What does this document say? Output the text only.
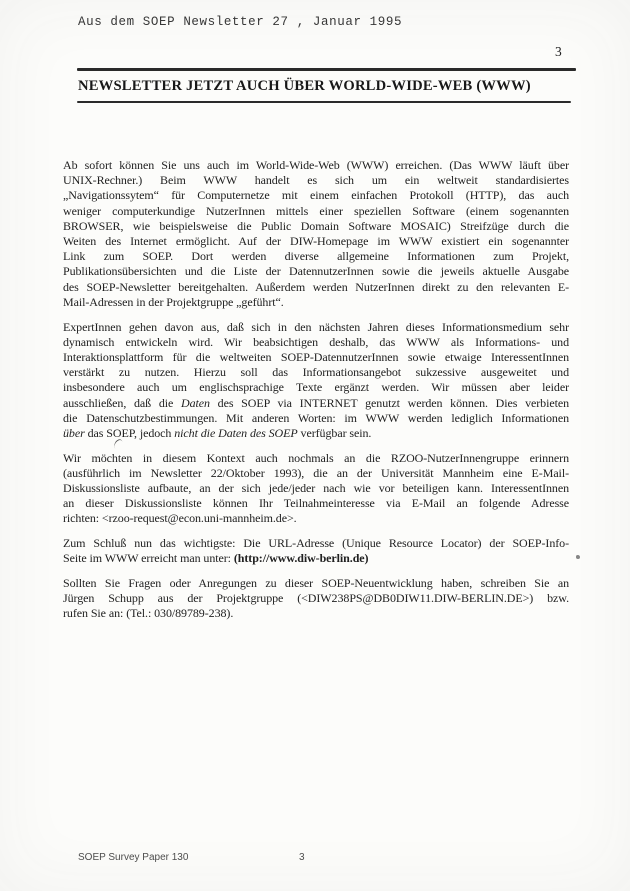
Aus dem SOEP Newsletter 27 , Januar 1995
3
NEWSLETTER JETZT AUCH ÜBER WORLD-WIDE-WEB (WWW)
Ab sofort können Sie uns auch im World-Wide-Web (WWW) erreichen. (Das WWW läuft über
UNIX-Rechner.) Beim WWW handelt es sich um ein weltweit standardisiertes
„Navigationssytem“ für Computernetze mit einem einfachen Protokoll (HTTP), das auch
weniger computerkundige NutzerInnen mittels einer speziellen Software (einem sogenannten
BROWSER, wie beispielsweise die Public Domain Software MOSAIC) Streifzüge durch die
Weiten des Internet ermöglicht. Auf der DIW-Homepage im WWW existiert ein sogenannter
Link zum SOEP. Dort werden diverse allgemeine Informationen zum Projekt,
Publikationsübersichten und die Liste der DatennutzerInnen sowie die jeweils aktuelle Ausgabe
des SOEP-Newsletter bereitgehalten. Außerdem werden NutzerInnen direkt zu den relevanten E-
Mail-Adressen in der Projektgruppe „geführt“.
ExpertInnen gehen davon aus, daß sich in den nächsten Jahren dieses Informationsmedium sehr
dynamisch entwickeln wird. Wir beabsichtigen deshalb, das WWW als Informations- und
Interaktionsplattform für die weltweiten SOEP-DatennutzerInnen sowie etwaige InteressentInnen
verstärkt zu nutzen. Hierzu soll das Informationsangebot sukzessive ausgeweitet und
insbesondere auch um englischsprachige Texte ergänzt werden. Wir müssen aber leider
ausschließen, daß die Daten des SOEP via INTERNET genutzt werden können. Dies verbieten
die Datenschutzbestimmungen. Mit anderen Worten: im WWW werden lediglich Informationen
über das SOEP, jedoch nicht die Daten des SOEP verfügbar sein.
Wir möchten in diesem Kontext auch nochmals an die RZOO-NutzerInnengruppe erinnern
(ausführlich im Newsletter 22/Oktober 1993), die an der Universität Mannheim eine E-Mail-
Diskussionsliste aufbaute, an der sich jede/jeder nach wie vor beteiligen kann. InteressentInnen
an dieser Diskussionsliste können Ihr Teilnahmeinteresse via E-Mail an folgende Adresse
richten: <rzoo-request@econ.uni-mannheim.de>.
Zum Schluß nun das wichtigste: Die URL-Adresse (Unique Resource Locator) der SOEP-Info-
Seite im WWW erreicht man unter: (http://www.diw-berlin.de)
Sollten Sie Fragen oder Anregungen zu dieser SOEP-Neuentwicklung haben, schreiben Sie an
Jürgen Schupp aus der Projektgruppe (<DIW238PS@DB0DIW11.DIW-BERLIN.DE>) bzw.
rufen Sie an: (Tel.: 030/89789-238).
SOEP Survey Paper 130	3
